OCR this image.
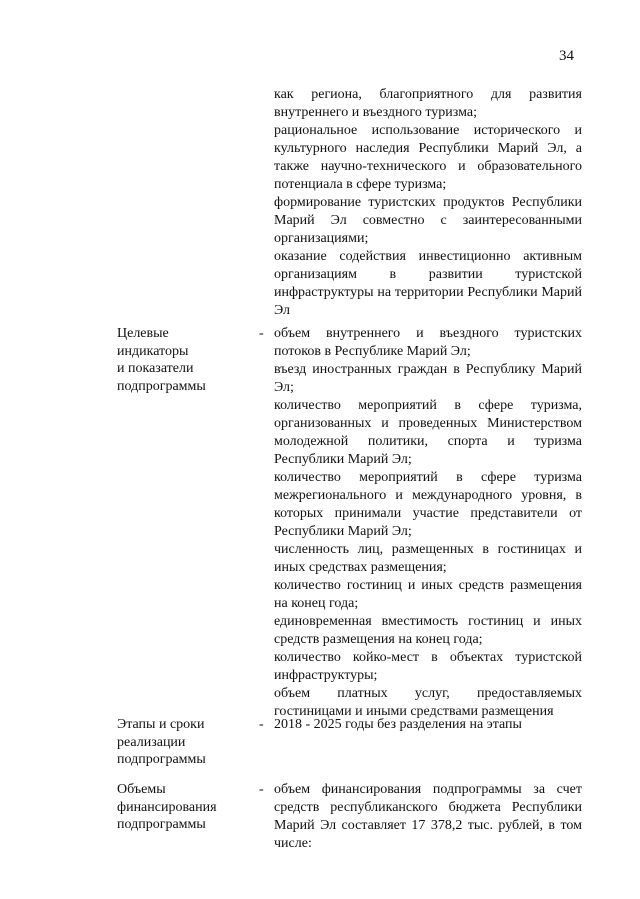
34
как региона, благоприятного для развития внутреннего и въездного туризма;
рациональное использование исторического и культурного наследия Республики Марий Эл, а также научно-технического и образовательного потенциала в сфере туризма;
формирование туристских продуктов Республики Марий Эл совместно с заинтересованными организациями;
оказание содействия инвестиционно активным организациям в развитии туристской инфраструктуры на территории Республики Марий Эл
Целевые
индикаторы
и показатели
подпрограммы
- объем внутреннего и въездного туристских потоков в Республике Марий Эл;
въезд иностранных граждан в Республику Марий Эл;
количество мероприятий в сфере туризма, организованных и проведенных Министерством молодежной политики, спорта и туризма Республики Марий Эл;
количество мероприятий в сфере туризма межрегионального и международного уровня, в которых принимали участие представители от Республики Марий Эл;
численность лиц, размещенных в гостиницах и иных средствах размещения;
количество гостиниц и иных средств размещения на конец года;
единовременная вместимость гостиниц и иных средств размещения на конец года;
количество койко-мест в объектах туристской инфраструктуры;
объем платных услуг, предоставляемых гостиницами и иными средствами размещения
Этапы и сроки
реализации
подпрограммы
- 2018 - 2025 годы без разделения на этапы
Объемы
финансирования
подпрограммы
- объем финансирования подпрограммы за счет средств республиканского бюджета Республики Марий Эл составляет 17 378,2 тыс. рублей, в том числе:
